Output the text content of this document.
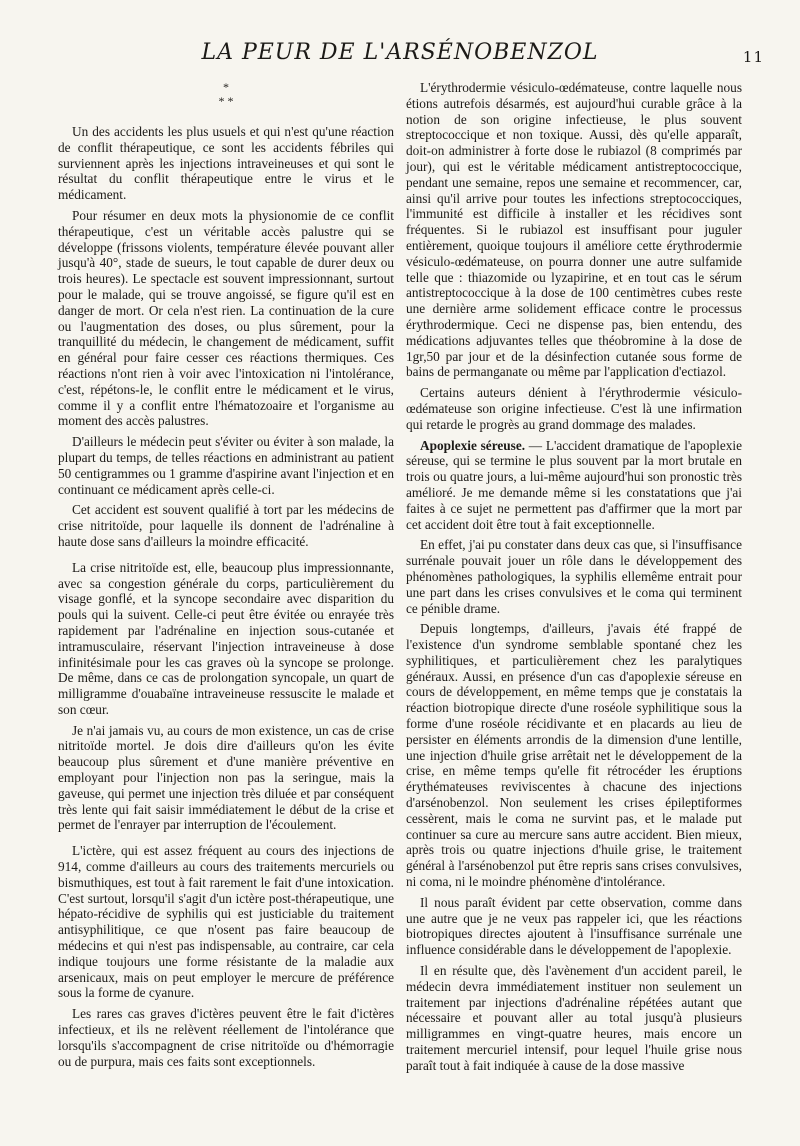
LA PEUR DE L'ARSÉNOBENZOL	11
*
* *

Un des accidents les plus usuels et qui n'est qu'une réaction de conflit thérapeutique, ce sont les accidents fébriles qui surviennent après les injections intraveineuses et qui sont le résultat du conflit thérapeutique entre le virus et le médicament.

Pour résumer en deux mots la physionomie de ce conflit thérapeutique, c'est un véritable accès palustre qui se développe (frissons violents, température élevée pouvant aller jusqu'à 40°, stade de sueurs, le tout capable de durer deux ou trois heures). Le spectacle est souvent impressionnant, surtout pour le malade, qui se trouve angoissé, se figure qu'il est en danger de mort. Or cela n'est rien. La continuation de la cure ou l'augmentation des doses, ou plus sûrement, pour la tranquillité du médecin, le changement de médicament, suffit en général pour faire cesser ces réactions thermiques. Ces réactions n'ont rien à voir avec l'intoxication ni l'intolérance, c'est, répétons-le, le conflit entre le médicament et le virus, comme il y a conflit entre l'hématozoaire et l'organisme au moment des accès palustres.

D'ailleurs le médecin peut s'éviter ou éviter à son malade, la plupart du temps, de telles réactions en administrant au patient 50 centigrammes ou 1 gramme d'aspirine avant l'injection et en continuant ce médicament après celle-ci.

Cet accident est souvent qualifié à tort par les médecins de crise nitritoïde, pour laquelle ils donnent de l'adrénaline à haute dose sans d'ailleurs la moindre efficacité.

La crise nitritoïde est, elle, beaucoup plus impressionnante, avec sa congestion générale du corps, particulièrement du visage gonflé, et la syncope secondaire avec disparition du pouls qui la suivent. Celle-ci peut être évitée ou enrayée très rapidement par l'adrénaline en injection sous-cutanée et intramusculaire, réservant l'injection intraveineuse à dose infinitésimale pour les cas graves où la syncope se prolonge. De même, dans ce cas de prolongation syncopale, un quart de milligramme d'ouabaïne intraveineuse ressuscite le malade et son cœur.

Je n'ai jamais vu, au cours de mon existence, un cas de crise nitritoïde mortel. Je dois dire d'ailleurs qu'on les évite beaucoup plus sûrement et d'une manière préventive en employant pour l'injection non pas la seringue, mais la gaveuse, qui permet une injection très diluée et par conséquent très lente qui fait saisir immédiatement le début de la crise et permet de l'enrayer par interruption de l'écoulement.

L'ictère, qui est assez fréquent au cours des injections de 914, comme d'ailleurs au cours des traitements mercuriels ou bismuthiques, est tout à fait rarement le fait d'une intoxication. C'est surtout, lorsqu'il s'agit d'un ictère post-thérapeutique, une hépato-récidive de syphilis qui est justiciable du traitement antisyphilitique, ce que n'osent pas faire beaucoup de médecins et qui n'est pas indispensable, au contraire, car cela indique toujours une forme résistante de la maladie aux arsenicaux, mais on peut employer le mercure de préférence sous la forme de cyanure.

Les rares cas graves d'ictères peuvent être le fait d'ictères infectieux, et ils ne relèvent réellement de l'intolérance que lorsqu'ils s'accompagnent de crise nitritoïde ou d'hémorragie ou de purpura, mais ces faits sont exceptionnels.

L'érythrodermie vésiculo-œdémateuse, contre laquelle nous étions autrefois désarmés, est aujourd'hui curable grâce à la notion de son origine infectieuse, le plus souvent streptococcique et non toxique. Aussi, dès qu'elle apparaît, doit-on administrer à forte dose le rubiazol (8 comprimés par jour), qui est le véritable médicament antistreptococcique, pendant une semaine, repos une semaine et recommencer, car, ainsi qu'il arrive pour toutes les infections streptococciques, l'immunité est difficile à installer et les récidives sont fréquentes. Si le rubiazol est insuffisant pour juguler entièrement, quoique toujours il améliore cette érythrodermie vésiculo-œdémateuse, on pourra donner une autre sulfamide telle que : thiazomide ou lyzapirine, et en tout cas le sérum antistreptococcique à la dose de 100 centimètres cubes reste une dernière arme solidement efficace contre le processus érythrodermique. Ceci ne dispense pas, bien entendu, des médications adjuvantes telles que théobromine à la dose de 1gr,50 par jour et de la désinfection cutanée sous forme de bains de permanganate ou même par l'application d'ectiazol.

Certains auteurs dénient à l'érythrodermie vésiculo-œdémateuse son origine infectieuse. C'est là une infirmation qui retarde le progrès au grand dommage des malades.

Apoplexie séreuse. — L'accident dramatique de l'apoplexie séreuse, qui se termine le plus souvent par la mort brutale en trois ou quatre jours, a lui-même aujourd'hui son pronostic très amélioré. Je me demande même si les constatations que j'ai faites à ce sujet ne permettent pas d'affirmer que la mort par cet accident doit être tout à fait exceptionnelle.

En effet, j'ai pu constater dans deux cas que, si l'insuffisance surrénale pouvait jouer un rôle dans le développement des phénomènes pathologiques, la syphilis ellemême entrait pour une part dans les crises convulsives et le coma qui terminent ce pénible drame.

Depuis longtemps, d'ailleurs, j'avais été frappé de l'existence d'un syndrome semblable spontané chez les syphilitiques, et particulièrement chez les paralytiques généraux. Aussi, en présence d'un cas d'apoplexie séreuse en cours de développement, en même temps que je constatais la réaction biotropique directe d'une roséole syphilitique sous la forme d'une roséole récidivante et en placards au lieu de persister en éléments arrondis de la dimension d'une lentille, une injection d'huile grise arrêtait net le développement de la crise, en même temps qu'elle fit rétrocéder les éruptions érythémateuses reviviscentes à chacune des injections d'arsénobenzol. Non seulement les crises épileptiformes cessèrent, mais le coma ne survint pas, et le malade put continuer sa cure au mercure sans autre accident. Bien mieux, après trois ou quatre injections d'huile grise, le traitement général à l'arsénobenzol put être repris sans crises convulsives, ni coma, ni le moindre phénomène d'intolérance.

Il nous paraît évident par cette observation, comme dans une autre que je ne veux pas rappeler ici, que les réactions biotropiques directes ajoutent à l'insuffisance surrénale une influence considérable dans le développement de l'apoplexie.

Il en résulte que, dès l'avènement d'un accident pareil, le médecin devra immédiatement instituer non seulement un traitement par injections d'adrénaline répétées autant que nécessaire et pouvant aller au total jusqu'à plusieurs milligrammes en vingt-quatre heures, mais encore un traitement mercuriel intensif, pour lequel l'huile grise nous paraît tout à fait indiquée à cause de la dose massive
